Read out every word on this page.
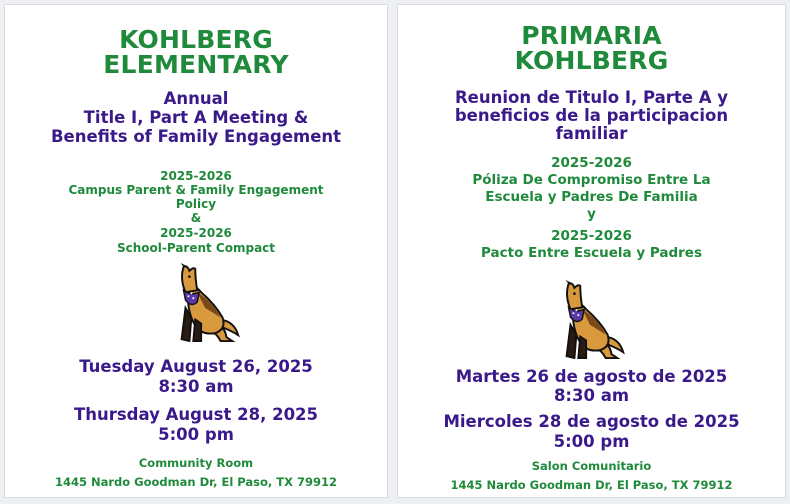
KOHLBERG

ELEMENTARY

Annual

Title I, Part A Meeting &

Benefits of Family Engagement

2025-2026

Campus Parent & Family Engagement

Policy

&

2025-2026

School-Parent Compact

Tuesday August 26, 2025

8:30 am

Thursday August 28, 2025

5:00 pm

Community Room

1445 Nardo Goodman Dr, El Paso, TX 79912

PRIMARIA

KOHLBERG

Reunion de Titulo I, Parte A y

beneficios de la participacion

familiar

2025-2026

Póliza De Compromiso Entre La

Escuela y Padres De Familia

y

2025-2026

Pacto Entre Escuela y Padres

Martes 26 de agosto de 2025

8:30 am

Miercoles 28 de agosto de 2025

5:00 pm

Salon Comunitario

1445 Nardo Goodman Dr, El Paso, TX 79912
